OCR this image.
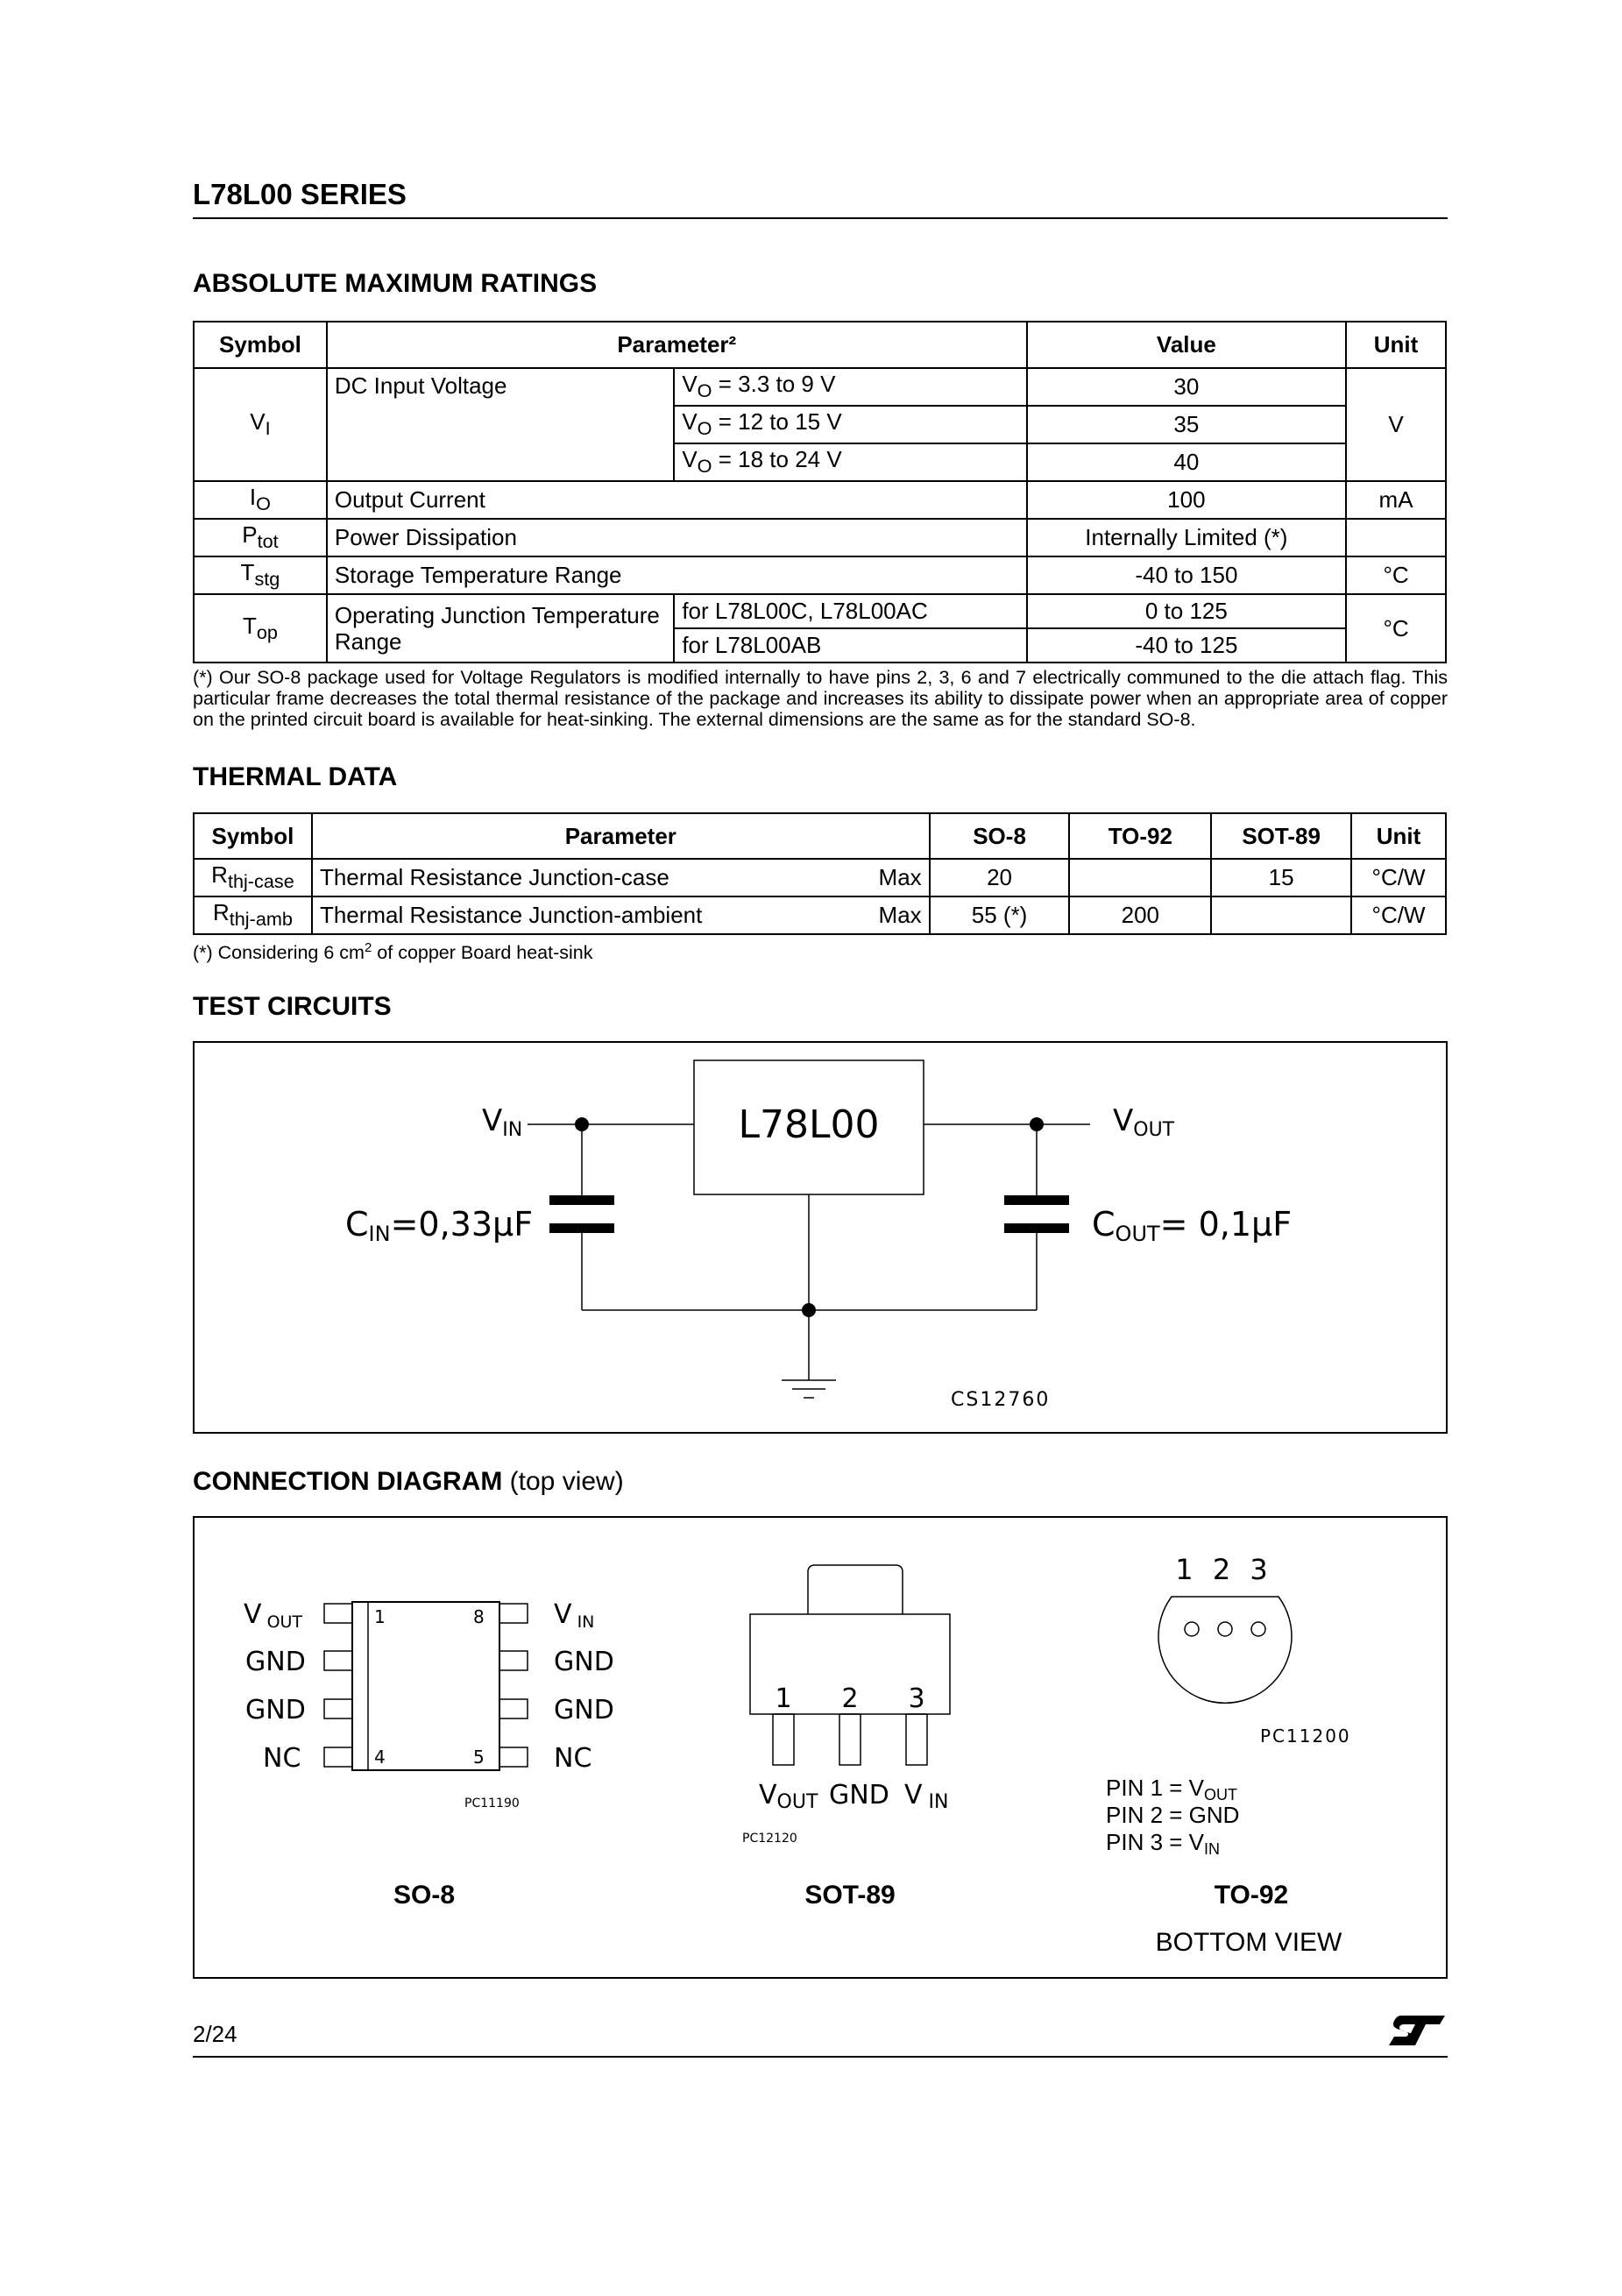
L78L00 SERIES
ABSOLUTE MAXIMUM RATINGS
Symbol	Parameter²		Value	Unit
$V_I$	DC Input Voltage	$V_O = 3.3$ to 9 V	30	V
		$V_O = 12$ to 15 V	35	
		$V_O = 18$ to 24 V	40	
$I_O$	Output Current		100	mA
$P_{tot}$	Power Dissipation		Internally Limited (*)	
$T_{stg}$	Storage Temperature Range		-40 to 150	°C
$T_{op}$	Operating Junction Temperature Range	for L78L00C, L78L00AC	0 to 125	°C
		for L78L00AB	-40 to 125	
(*) Our SO-8 package used for Voltage Regulators is modified internally to have pins 2, 3, 6 and 7 electrically communed to the die attach flag. This particular frame decreases the total thermal resistance of the package and increases its ability to dissipate power when an appropriate area of copper on the printed circuit board is available for heat-sinking. The external dimensions are the same as for the standard SO-8.
THERMAL DATA
Symbol	Parameter	SO-8	TO-92	SOT-89	Unit
$R_{thj-case}$	Thermal Resistance Junction-case Max	20		15	°C/W
$R_{thj-amb}$	Thermal Resistance Junction-ambient Max	55 (*)	200		°C/W
(*) Considering 6 $cm^2$ of copper Board heat-sink
TEST CIRCUITS
L78L00
VIN
CIN=0,33μF
VOUT
COUT= 0,1μF
CS12760
CONNECTION DIAGRAM (top view)
1	8
4	5
V OUT
GND
GND
NC
V IN
GND
GND
NC
PC11190
SO-8
1 2 3
VOUT GND V IN
PC12120
SOT-89
1 2 3
PC11200
PIN 1 = VOUT
PIN 2 = GND
PIN 3 = VIN
TO-92
BOTTOM VIEW
2/24
